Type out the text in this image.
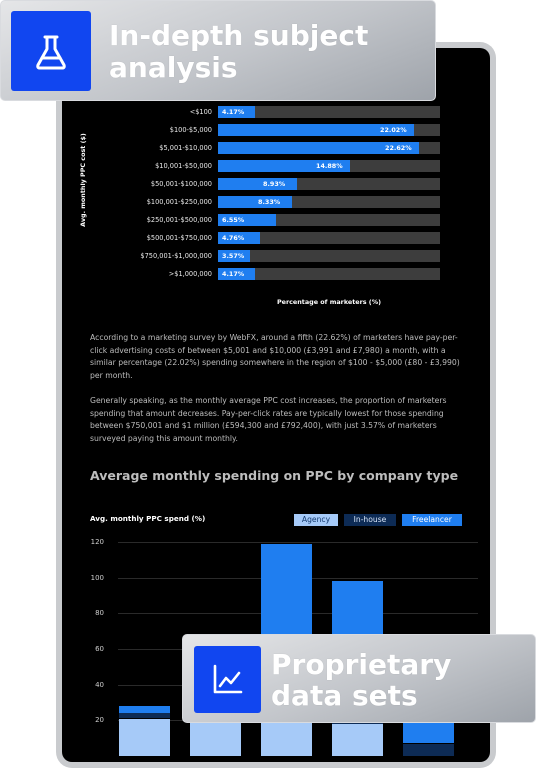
Avg. monthly PPC cost ($)
<$100 4.17%
$100-$5,000	22.02%
$5,001-$10,000	22.62%
$10,001-$50,000	14.88%
$50,001-$100,000	8.93%
$100,001-$250,000	8.33%
$250,001-$500,000 6.55%
$500,001-$750,000 4.76%
$750,001-$1,000,000 3.57%
>$1,000,000 4.17%
Percentage of marketers (%)

According to a marketing survey by WebFX, around a fifth (22.62%) of marketers have pay-per-click advertising costs of between $5,001 and $10,000 (£3,991 and £7,980) a month, with a similar percentage (22.02%) spending somewhere in the region of $100 - $5,000 (£80 - £3,990) per month.

Generally speaking, as the monthly average PPC cost increases, the proportion of marketers spending that amount decreases. Pay-per-click rates are typically lowest for those spending between $750,001 and $1 million (£594,300 and £792,400), with just 3.57% of marketers surveyed paying this amount monthly.

Average monthly spending on PPC by company type
Avg. monthly PPC spend (%)	Agency	In-house	Freelancer
120
100
80
60
40
20
In-depth subject
analysis
Proprietary
data sets
